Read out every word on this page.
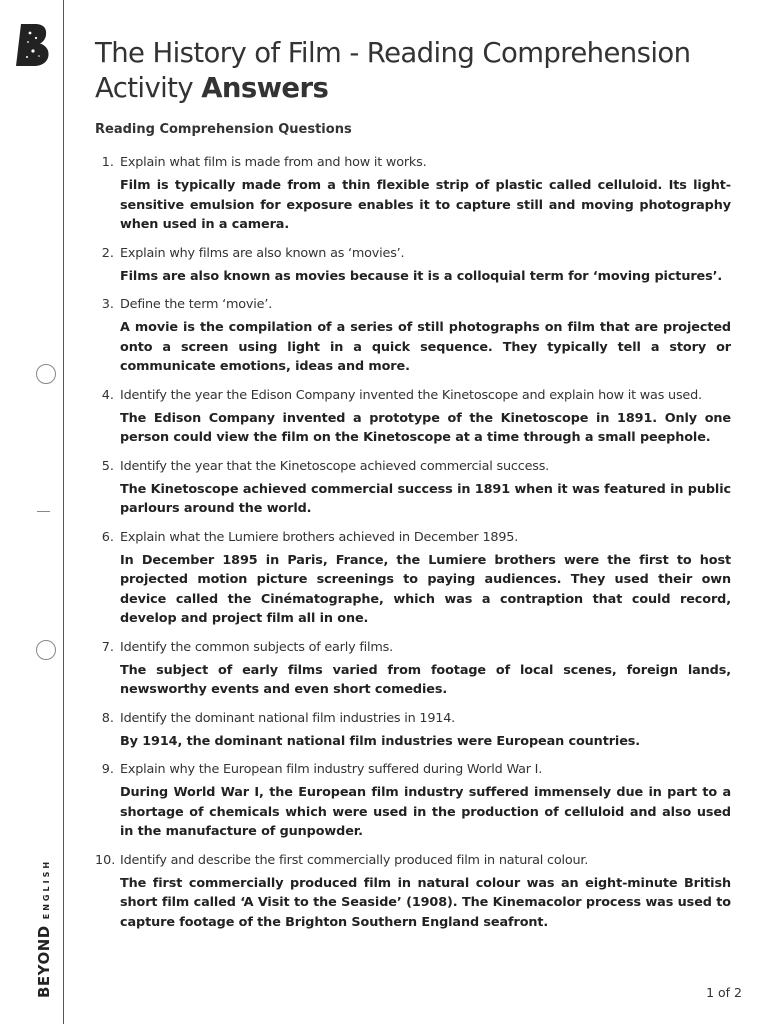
BEYONDENGLISH
The History of Film - Reading Comprehension Activity Answers
Reading Comprehension Questions
1. Explain what film is made from and how it works.

Film is typically made from a thin flexible strip of plastic called celluloid. Its light-sensitive emulsion for exposure enables it to capture still and moving photography when used in a camera.

2. Explain why films are also known as ‘movies’.

Films are also known as movies because it is a colloquial term for ‘moving pictures’.

3. Define the term ‘movie’.

A movie is the compilation of a series of still photographs on film that are projected onto a screen using light in a quick sequence. They typically tell a story or communicate emotions, ideas and more.

4. Identify the year the Edison Company invented the Kinetoscope and explain how it was used.

The Edison Company invented a prototype of the Kinetoscope in 1891. Only one person could view the film on the Kinetoscope at a time through a small peephole.

5. Identify the year that the Kinetoscope achieved commercial success.

The Kinetoscope achieved commercial success in 1891 when it was featured in public parlours around the world.

6. Explain what the Lumiere brothers achieved in December 1895.

In December 1895 in Paris, France, the Lumiere brothers were the first to host projected motion picture screenings to paying audiences. They used their own device called the Cinématographe, which was a contraption that could record, develop and project film all in one.

7. Identify the common subjects of early films.

The subject of early films varied from footage of local scenes, foreign lands, newsworthy events and even short comedies.

8. Identify the dominant national film industries in 1914.

By 1914, the dominant national film industries were European countries.

9. Explain why the European film industry suffered during World War I.

During World War I, the European film industry suffered immensely due in part to a shortage of chemicals which were used in the production of celluloid and also used in the manufacture of gunpowder.

10. Identify and describe the first commercially produced film in natural colour.

The first commercially produced film in natural colour was an eight-minute British short film called ‘A Visit to the Seaside’ (1908). The Kinemacolor process was used to capture footage of the Brighton Southern England seafront.

1 of 2
